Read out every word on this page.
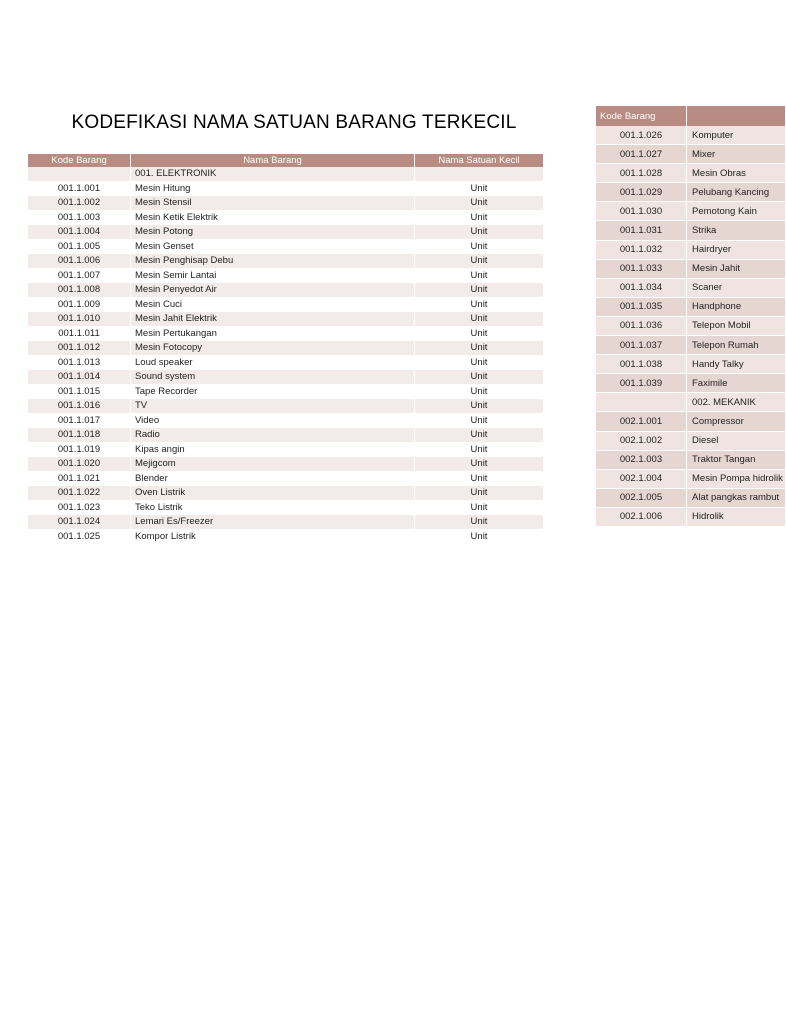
KODEFIKASI NAMA SATUAN BARANG TERKECIL
Kode Barang	Nama Barang	Nama Satuan Kecil
	001. ELEKTRONIK	
001.1.001	Mesin Hitung	Unit
001.1.002	Mesin Stensil	Unit
001.1.003	Mesin Ketik Elektrik	Unit
001.1.004	Mesin Potong	Unit
001.1.005	Mesin Genset	Unit
001.1.006	Mesin Penghisap Debu	Unit
001.1.007	Mesin Semir Lantai	Unit
001.1.008	Mesin Penyedot Air	Unit
001.1.009	Mesin Cuci	Unit
001.1.010	Mesin Jahit Elektrik	Unit
001.1.011	Mesin Pertukangan	Unit
001.1.012	Mesin Fotocopy	Unit
001.1.013	Loud speaker	Unit
001.1.014	Sound system	Unit
001.1.015	Tape Recorder	Unit
001.1.016	TV	Unit
001.1.017	Video	Unit
001.1.018	Radio	Unit
001.1.019	Kipas angin	Unit
001.1.020	Mejigcom	Unit
001.1.021	Blender	Unit
001.1.022	Oven Listrik	Unit
001.1.023	Teko Listrik	Unit
001.1.024	Lemari Es/Freezer	Unit
001.1.025	Kompor Listrik	Unit
Kode Barang	
001.1.026	Komputer
001.1.027	Mixer
001.1.028	Mesin Obras
001.1.029	Pelubang Kancing
001.1.030	Pemotong Kain
001.1.031	Strika
001.1.032	Hairdryer
001.1.033	Mesin Jahit
001.1.034	Scaner
001.1.035	Handphone
001.1.036	Telepon Mobil
001.1.037	Telepon Rumah
001.1.038	Handy Talky
001.1.039	Faximile
	002. MEKANIK
002.1.001	Compressor
002.1.002	Diesel
002.1.003	Traktor Tangan
002.1.004	Mesin Pompa hidrolik
002.1.005	Alat pangkas rambut
002.1.006	Hidrolik
